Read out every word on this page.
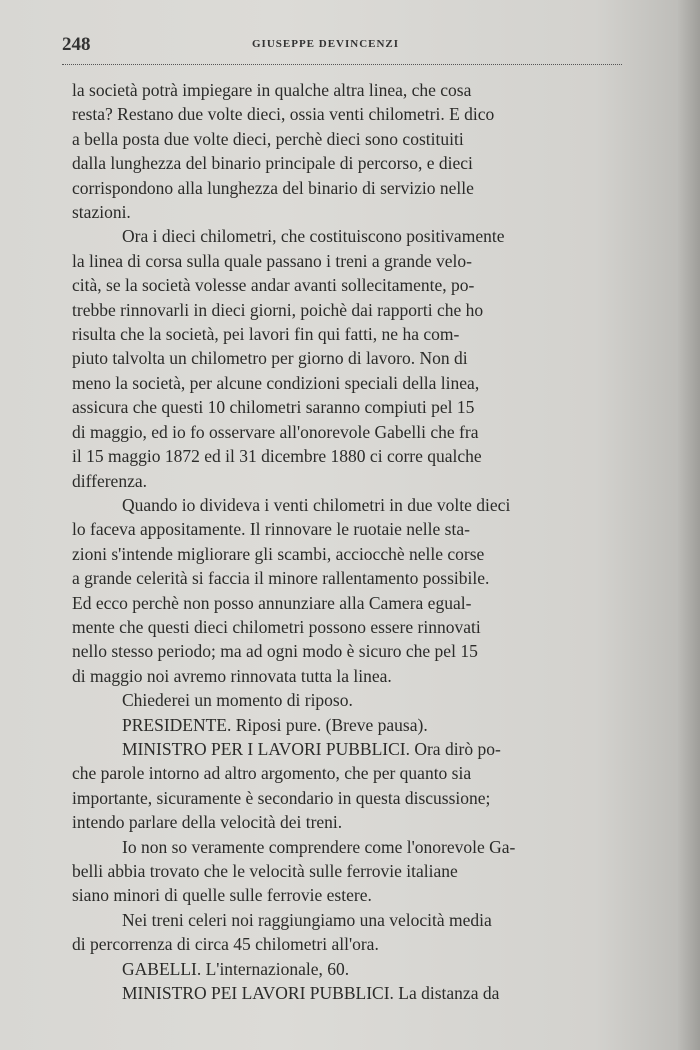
248	GIUSEPPE DEVINCENZI
la società potrà impiegare in qualche altra linea, che cosa
resta? Restano due volte dieci, ossia venti chilometri. E dico
a bella posta due volte dieci, perchè dieci sono costituiti
dalla lunghezza del binario principale di percorso, e dieci
corrispondono alla lunghezza del binario di servizio nelle
stazioni.
Ora i dieci chilometri, che costituiscono positivamente
la linea di corsa sulla quale passano i treni a grande velo-
cità, se la società volesse andar avanti sollecitamente, po-
trebbe rinnovarli in dieci giorni, poichè dai rapporti che ho
risulta che la società, pei lavori fin qui fatti, ne ha com-
piuto talvolta un chilometro per giorno di lavoro. Non di
meno la società, per alcune condizioni speciali della linea,
assicura che questi 10 chilometri saranno compiuti pel 15
di maggio, ed io fo osservare all'onorevole Gabelli che fra
il 15 maggio 1872 ed il 31 dicembre 1880 ci corre qualche
differenza.
Quando io divideva i venti chilometri in due volte dieci
lo faceva appositamente. Il rinnovare le ruotaie nelle sta-
zioni s'intende migliorare gli scambi, acciocchè nelle corse
a grande celerità si faccia il minore rallentamento possibile.
Ed ecco perchè non posso annunziare alla Camera egual-
mente che questi dieci chilometri possono essere rinnovati
nello stesso periodo; ma ad ogni modo è sicuro che pel 15
di maggio noi avremo rinnovata tutta la linea.
Chiederei un momento di riposo.
PRESIDENTE. Riposi pure. (Breve pausa).
MINISTRO PER I LAVORI PUBBLICI. Ora dirò po-
che parole intorno ad altro argomento, che per quanto sia
importante, sicuramente è secondario in questa discussione;
intendo parlare della velocità dei treni.
Io non so veramente comprendere come l'onorevole Ga-
belli abbia trovato che le velocità sulle ferrovie italiane
siano minori di quelle sulle ferrovie estere.
Nei treni celeri noi raggiungiamo una velocità media
di percorrenza di circa 45 chilometri all'ora.
GABELLI. L'internazionale, 60.
MINISTRO PEI LAVORI PUBBLICI. La distanza da
